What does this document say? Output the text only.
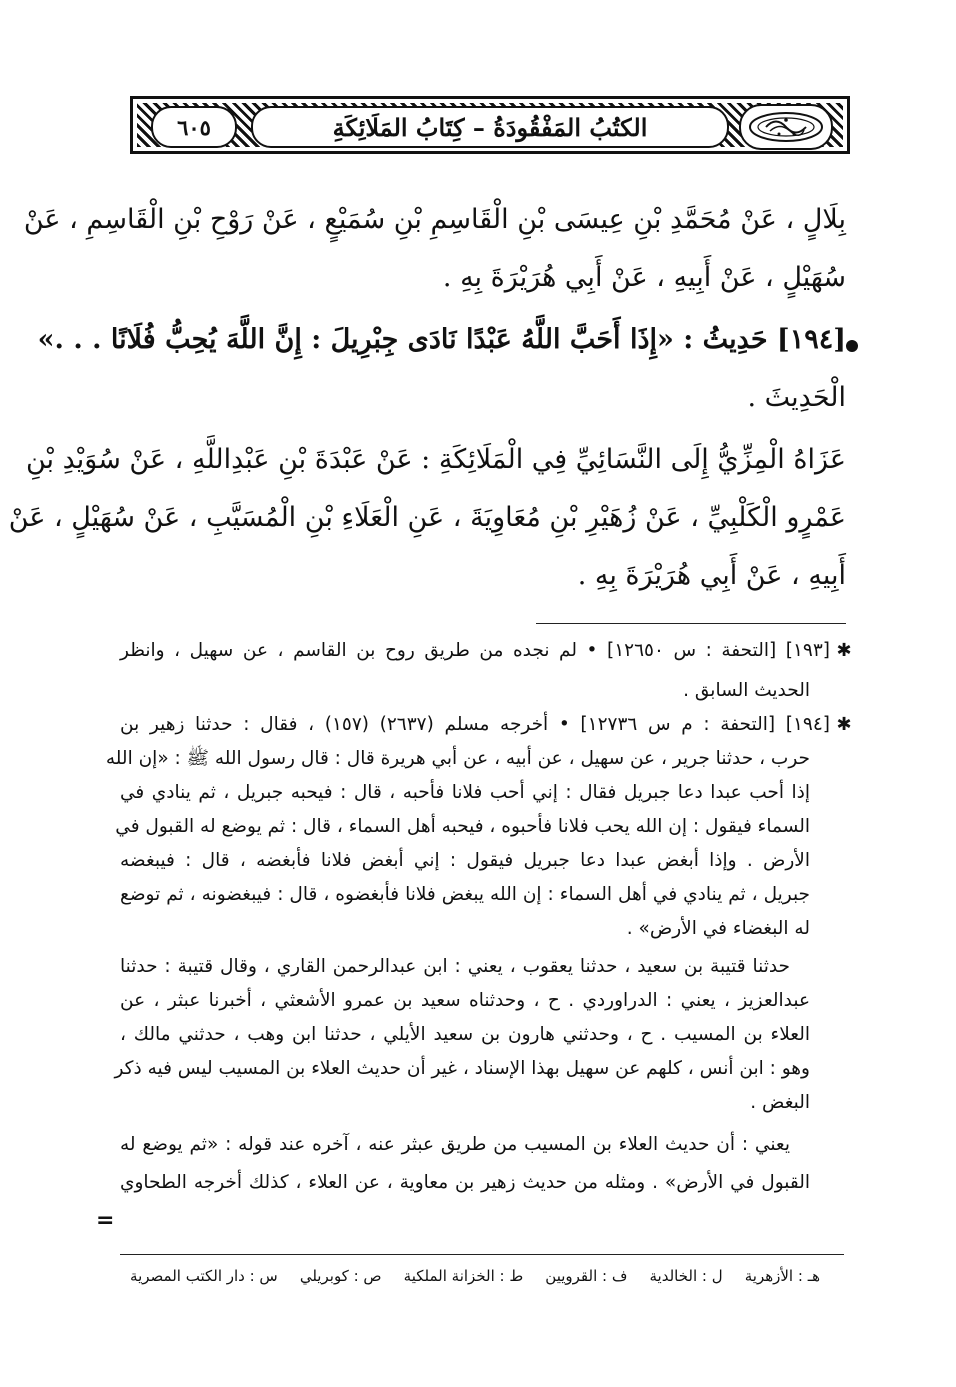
٦٠٥	الكتُبُ المَفْقُودَةُ – كِتَابُ المَلَائِكَةِ
بِلَالٍ ، عَنْ مُحَمَّدِ بْنِ عِيسَى بْنِ الْقَاسِمِ بْنِ سُمَيْعٍ ، عَنْ رَوْحِ بْنِ الْقَاسِمِ ، عَنْ
سُهَيْلٍ ، عَنْ أَبِيهِ ، عَنْ أَبِي هُرَيْرَةَ بِهِ .
[١٩٤] حَدِيثُ : «إِذَا أَحَبَّ اللَّهُ عَبْدًا نَادَى جِبْرِيلَ : إِنَّ اللَّهَ يُحِبُّ فُلَانًا . . .»
الْحَدِيثَ .
عَزَاهُ الْمِزِّيُّ إِلَى النَّسَائِيِّ فِي الْمَلَائِكَةِ : عَنْ عَبْدَةَ بْنِ عَبْدِاللَّهِ ، عَنْ سُوَيْدِ بْنِ
عَمْرٍو الْكَلْبِيِّ ، عَنْ زُهَيْرِ بْنِ مُعَاوِيَةَ ، عَنِ الْعَلَاءِ بْنِ الْمُسَيَّبِ ، عَنْ سُهَيْلٍ ، عَنْ
أَبِيهِ ، عَنْ أَبِي هُرَيْرَةَ بِهِ .
✱
[١٩٣] [التحفة : س ١٢٦٥٠] • لم نجده من طريق روح بن القاسم ، عن سهيل ، وانظر
الحديث السابق .
✱
[١٩٤] [التحفة : م س ١٢٧٣٦] • أخرجه مسلم (٢٦٣٧) (١٥٧) ، فقال : حدثنا زهير بن
حرب ، حدثنا جرير ، عن سهيل ، عن أبيه ، عن أبي هريرة قال : قال رسول الله ﷺ : «إن الله
إذا أحب عبدا دعا جبريل فقال : إني أحب فلانا فأحبه ، قال : فيحبه جبريل ، ثم ينادي في
السماء فيقول : إن الله يحب فلانا فأحبوه ، فيحبه أهل السماء ، قال : ثم يوضع له القبول في
الأرض . وإذا أبغض عبدا دعا جبريل فيقول : إني أبغض فلانا فأبغضه ، قال : فيبغضه
جبريل ، ثم ينادي في أهل السماء : إن الله يبغض فلانا فأبغضوه ، قال : فيبغضونه ، ثم توضع
له البغضاء في الأرض» .
حدثنا قتيبة بن سعيد ، حدثنا يعقوب ، يعني : ابن عبدالرحمن القاري ، وقال قتيبة : حدثنا
عبدالعزيز ، يعني : الدراوردي . ح ، وحدثناه سعيد بن عمرو الأشعثي ، أخبرنا عبثر ، عن
العلاء بن المسيب . ح ، وحدثني هارون بن سعيد الأيلي ، حدثنا ابن وهب ، حدثني مالك ،
وهو : ابن أنس ، كلهم عن سهيل بهذا الإسناد ، غير أن حديث العلاء بن المسيب ليس فيه ذكر
البغض .
يعني : أن حديث العلاء بن المسيب من طريق عبثر عنه ، آخره عند قوله : «ثم يوضع له
القبول في الأرض» . ومثله من حديث زهير بن معاوية ، عن العلاء ، كذلك أخرجه الطحاوي
=
س : دار الكتب المصرية ص : كوبريلي ط : الخزانة الملكية ف : القرويين ل : الخالدية هـ : الأزهرية
